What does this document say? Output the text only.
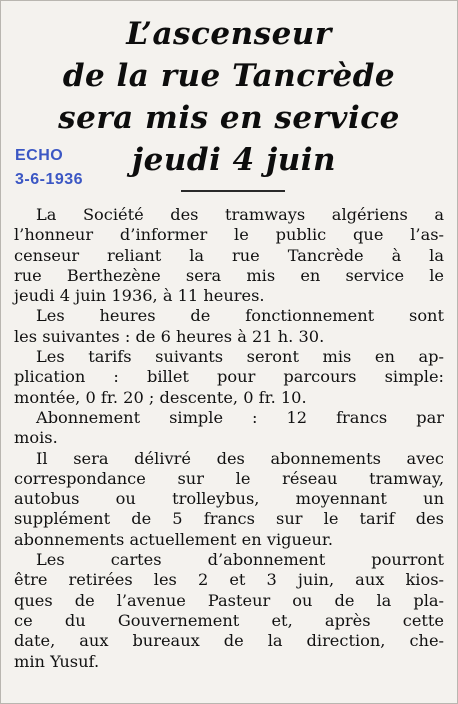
L’ascenseur
de la rue Tancrède
sera mis en service
jeudi 4 juin
ECHO
3-6-1936
La Société des tramways algériens a
l’honneur d’informer le public que l’as-
censeur reliant la rue Tancrède à la
rue Berthezène sera mis en service le
jeudi 4 juin 1936, à 11 heures.
Les heures de fonctionnement sont
les suivantes : de 6 heures à 21 h. 30.
Les tarifs suivants seront mis en ap-
plication : billet pour parcours simple:
montée, 0 fr. 20 ; descente, 0 fr. 10.
Abonnement simple : 12 francs par
mois.
Il sera délivré des abonnements avec
correspondance sur le réseau tramway,
autobus ou trolleybus, moyennant un
supplément de 5 francs sur le tarif des
abonnements actuellement en vigueur.
Les cartes d’abonnement pourront
être retirées les 2 et 3 juin, aux kios-
ques de l’avenue Pasteur ou de la pla-
ce du Gouvernement et, après cette
date, aux bureaux de la direction, che-
min Yusuf.
